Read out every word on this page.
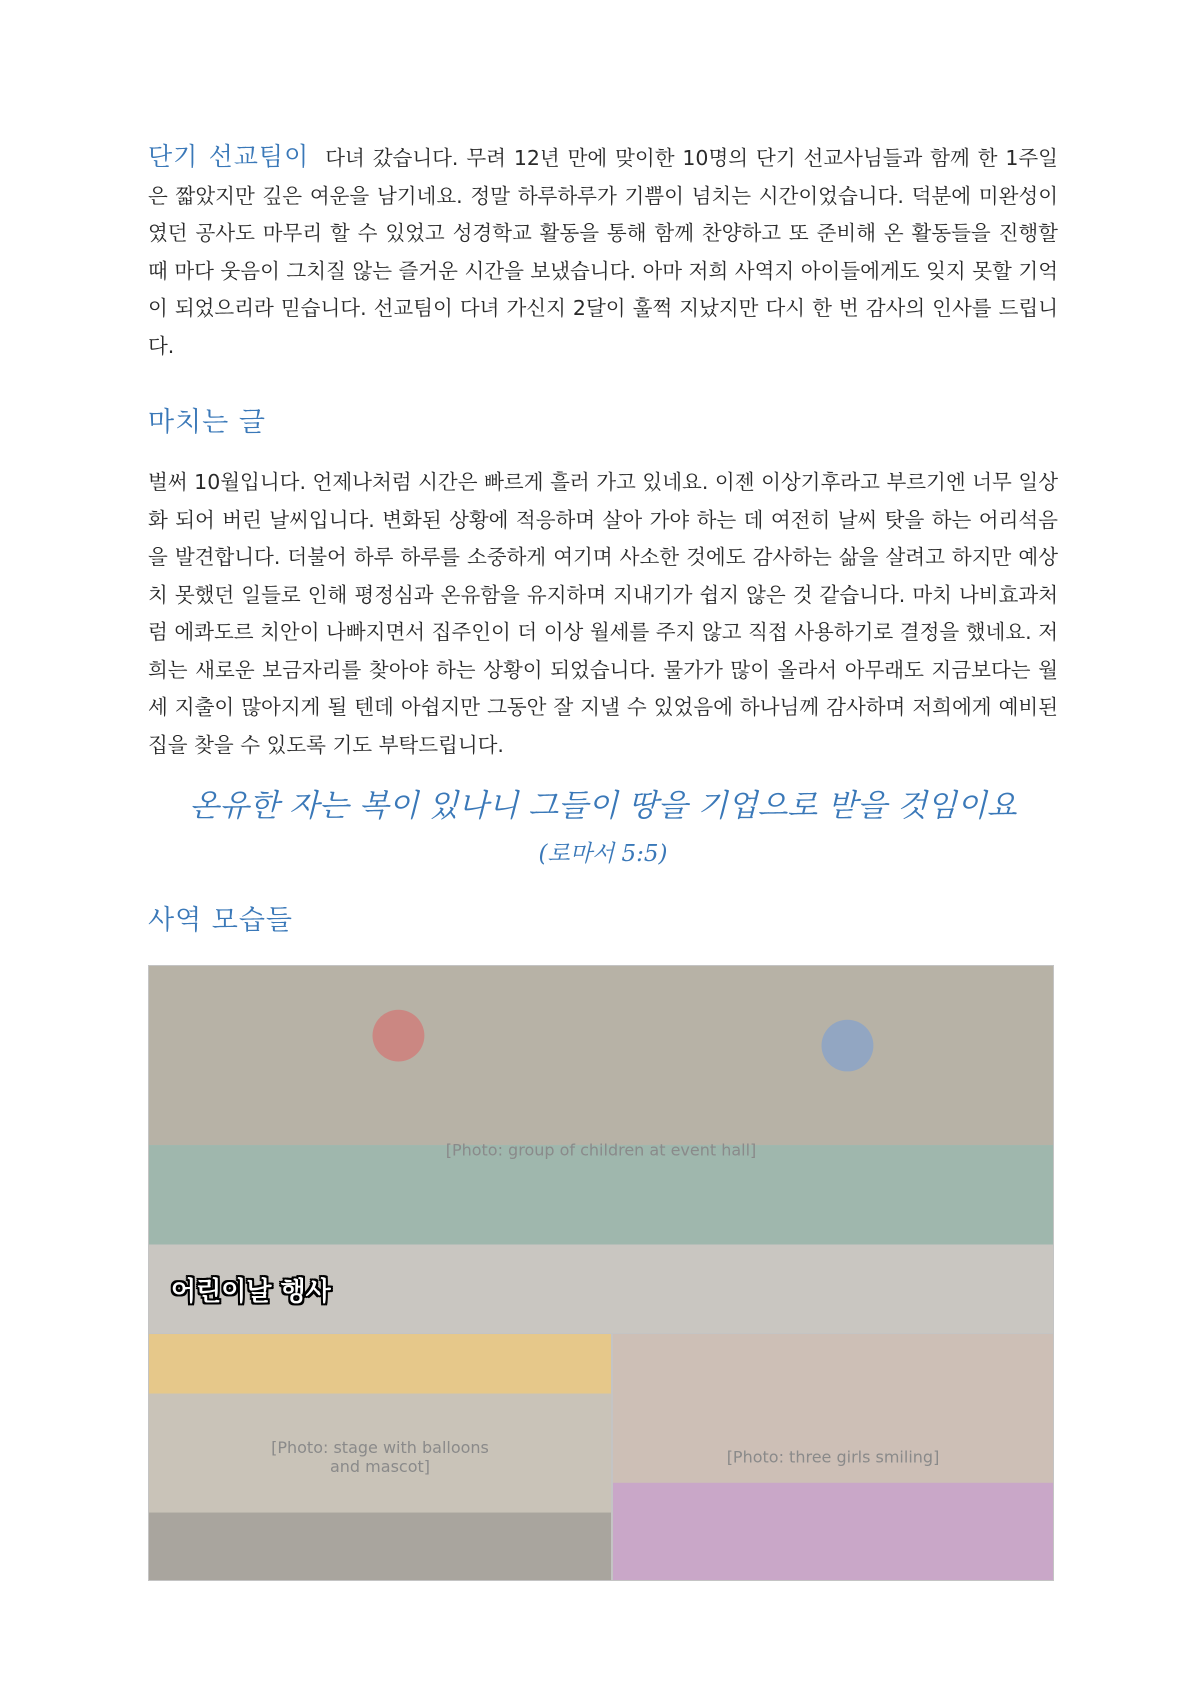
단기 선교팀이 다녀 갔습니다. 무려 12년 만에 맞이한 10명의 단기 선교사님들과 함께 한 1주일은 짧았지만 깊은 여운을 남기네요. 정말 하루하루가 기쁨이 넘치는 시간이었습니다. 덕분에 미완성이였던 공사도 마무리 할 수 있었고 성경학교 활동을 통해 함께 찬양하고 또 준비해 온 활동들을 진행할 때 마다 웃음이 그치질 않는 즐거운 시간을 보냈습니다. 아마 저희 사역지 아이들에게도 잊지 못할 기억이 되었으리라 믿습니다. 선교팀이 다녀 가신지 2달이 훌쩍 지났지만 다시 한 번 감사의 인사를 드립니다.

마치는 글

벌써 10월입니다. 언제나처럼 시간은 빠르게 흘러 가고 있네요. 이젠 이상기후라고 부르기엔 너무 일상화 되어 버린 날씨입니다. 변화된 상황에 적응하며 살아 가야 하는 데 여전히 날씨 탓을 하는 어리석음을 발견합니다. 더불어 하루 하루를 소중하게 여기며 사소한 것에도 감사하는 삶을 살려고 하지만 예상치 못했던 일들로 인해 평정심과 온유함을 유지하며 지내기가 쉽지 않은 것 같습니다. 마치 나비효과처럼 에콰도르 치안이 나빠지면서 집주인이 더 이상 월세를 주지 않고 직접 사용하기로 결정을 했네요. 저희는 새로운 보금자리를 찾아야 하는 상황이 되었습니다. 물가가 많이 올라서 아무래도 지금보다는 월세 지출이 많아지게 될 텐데 아쉽지만 그동안 잘 지낼 수 있었음에 하나님께 감사하며 저희에게 예비된 집을 찾을 수 있도록 기도 부탁드립니다.

온유한 자는 복이 있나니 그들이 땅을 기업으로 받을 것임이요

(로마서 5:5)

사역 모습들
[Photo: group of children at event hall]
어린이날 행사
[Photo: stage with balloons and mascot]	[Photo: three girls smiling]
